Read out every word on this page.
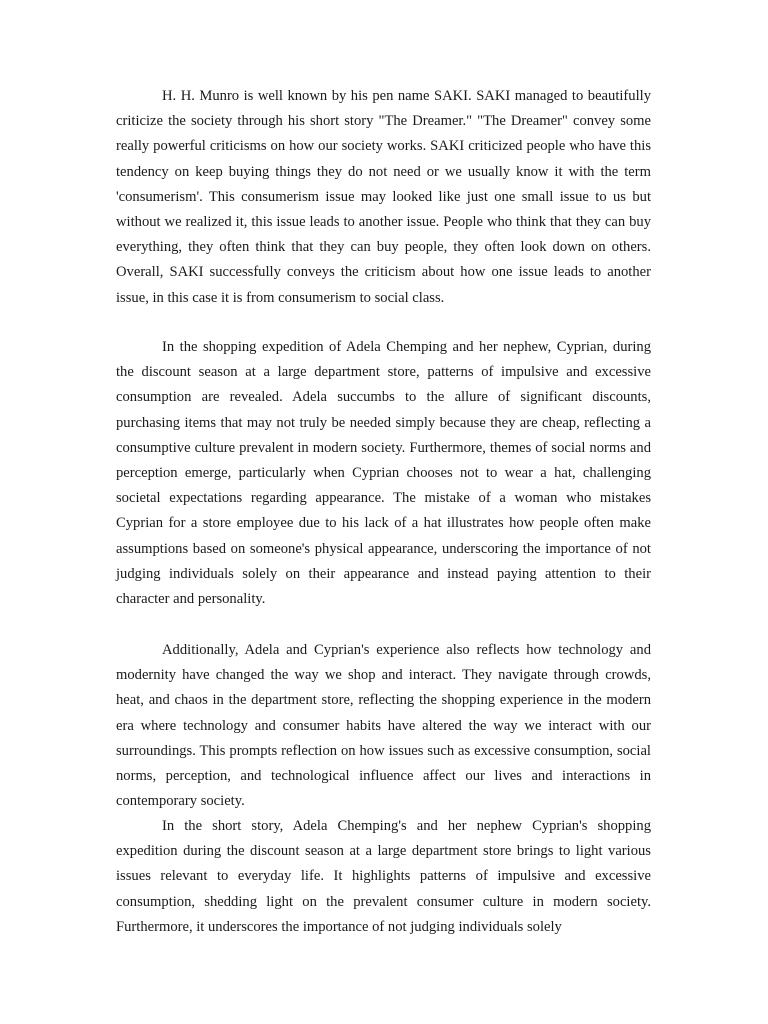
H. H. Munro is well known by his pen name SAKI. SAKI managed to beautifully criticize the society through his short story "The Dreamer." "The Dreamer" convey some really powerful criticisms on how our society works. SAKI criticized people who have this tendency on keep buying things they do not need or we usually know it with the term 'consumerism'. This consumerism issue may looked like just one small issue to us but without we realized it, this issue leads to another issue. People who think that they can buy everything, they often think that they can buy people, they often look down on others. Overall, SAKI successfully conveys the criticism about how one issue leads to another issue, in this case it is from consumerism to social class.

In the shopping expedition of Adela Chemping and her nephew, Cyprian, during the discount season at a large department store, patterns of impulsive and excessive consumption are revealed. Adela succumbs to the allure of significant discounts, purchasing items that may not truly be needed simply because they are cheap, reflecting a consumptive culture prevalent in modern society. Furthermore, themes of social norms and perception emerge, particularly when Cyprian chooses not to wear a hat, challenging societal expectations regarding appearance. The mistake of a woman who mistakes Cyprian for a store employee due to his lack of a hat illustrates how people often make assumptions based on someone's physical appearance, underscoring the importance of not judging individuals solely on their appearance and instead paying attention to their character and personality.

Additionally, Adela and Cyprian's experience also reflects how technology and modernity have changed the way we shop and interact. They navigate through crowds, heat, and chaos in the department store, reflecting the shopping experience in the modern era where technology and consumer habits have altered the way we interact with our surroundings. This prompts reflection on how issues such as excessive consumption, social norms, perception, and technological influence affect our lives and interactions in contemporary society.

In the short story, Adela Chemping's and her nephew Cyprian's shopping expedition during the discount season at a large department store brings to light various issues relevant to everyday life. It highlights patterns of impulsive and excessive consumption, shedding light on the prevalent consumer culture in modern society. Furthermore, it underscores the importance of not judging individuals solely
